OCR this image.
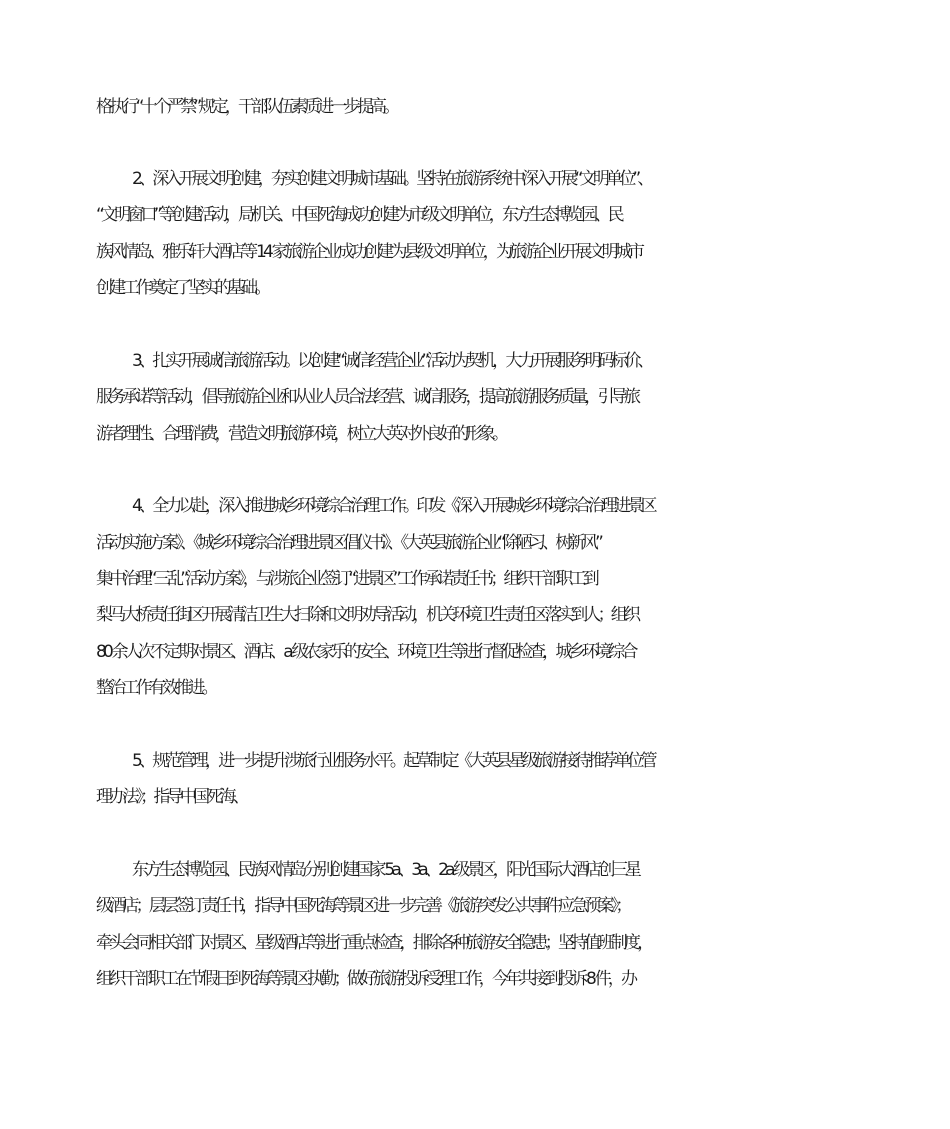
格执行“十个严禁”规定，干部队伍素质进一步提高。
2、深入开展文明创建，夯实创建文明城市基础。坚持在旅游系统中深入开展“文明单位”、
“文明窗口”等创建活动，局机关、中国死海成功创建为市级文明单位，东方生态博览园、民
族风情岛、雅乐轩大酒店等 14 家旅游企业成功创建为县级文明单位，为旅游企业开展文明城市
创建工作奠定了坚实的基础。
3、扎实开展诚信旅游活动。以创建“诚信经营企业”活动为契机，大力开展服务明码标价、
服务承诺等活动，倡导旅游企业和从业人员合法经营、诚信服务，提高旅游服务质量，引导旅
游者理性、合理消费，营造文明旅游环境，树立大英对外良好的形象。
4、全力以赴，深入推进城乡环境综合治理工作。印发《深入开展城乡环境综合治理进景区
活动实施方案》、《城乡环境综合治理进景区倡仪书》、《大英县旅游企业“除陋习、树新风”
集中治理“三乱”活动方案》，与涉旅企业签订“进景区”工作承诺责任书；组织干部职工到
梨马大桥责任街区开展清洁卫生大扫除和文明劝导活动，机关环境卫生责任区落实到人；组织
80 余人次不定期对景区、酒店、a 级农家乐的安全、环境卫生等进行督促检查，城乡环境综合
整治工作有效推进。
5、规范管理，进一步提升涉旅行业服务水平。起草制定《大英县星级旅游接待推荐单位管
理办法》；指导中国死海、
东方生态博览园、民族风情岛分别创建国家 5a、3a、2a 级景区，阳光国际大酒店创三星
级酒店；层层签订责任书，指导中国死海等景区进一步完善《旅游突发公共事件应急预案》；
牵头会同相关部门对景区、星级酒店等进行重点检查，排除各种旅游安全隐患；坚持值班制度，
组织干部职工在节假日到死海等景区执勤；做好旅游投诉受理工作，今年共接到投诉 8 件，办
